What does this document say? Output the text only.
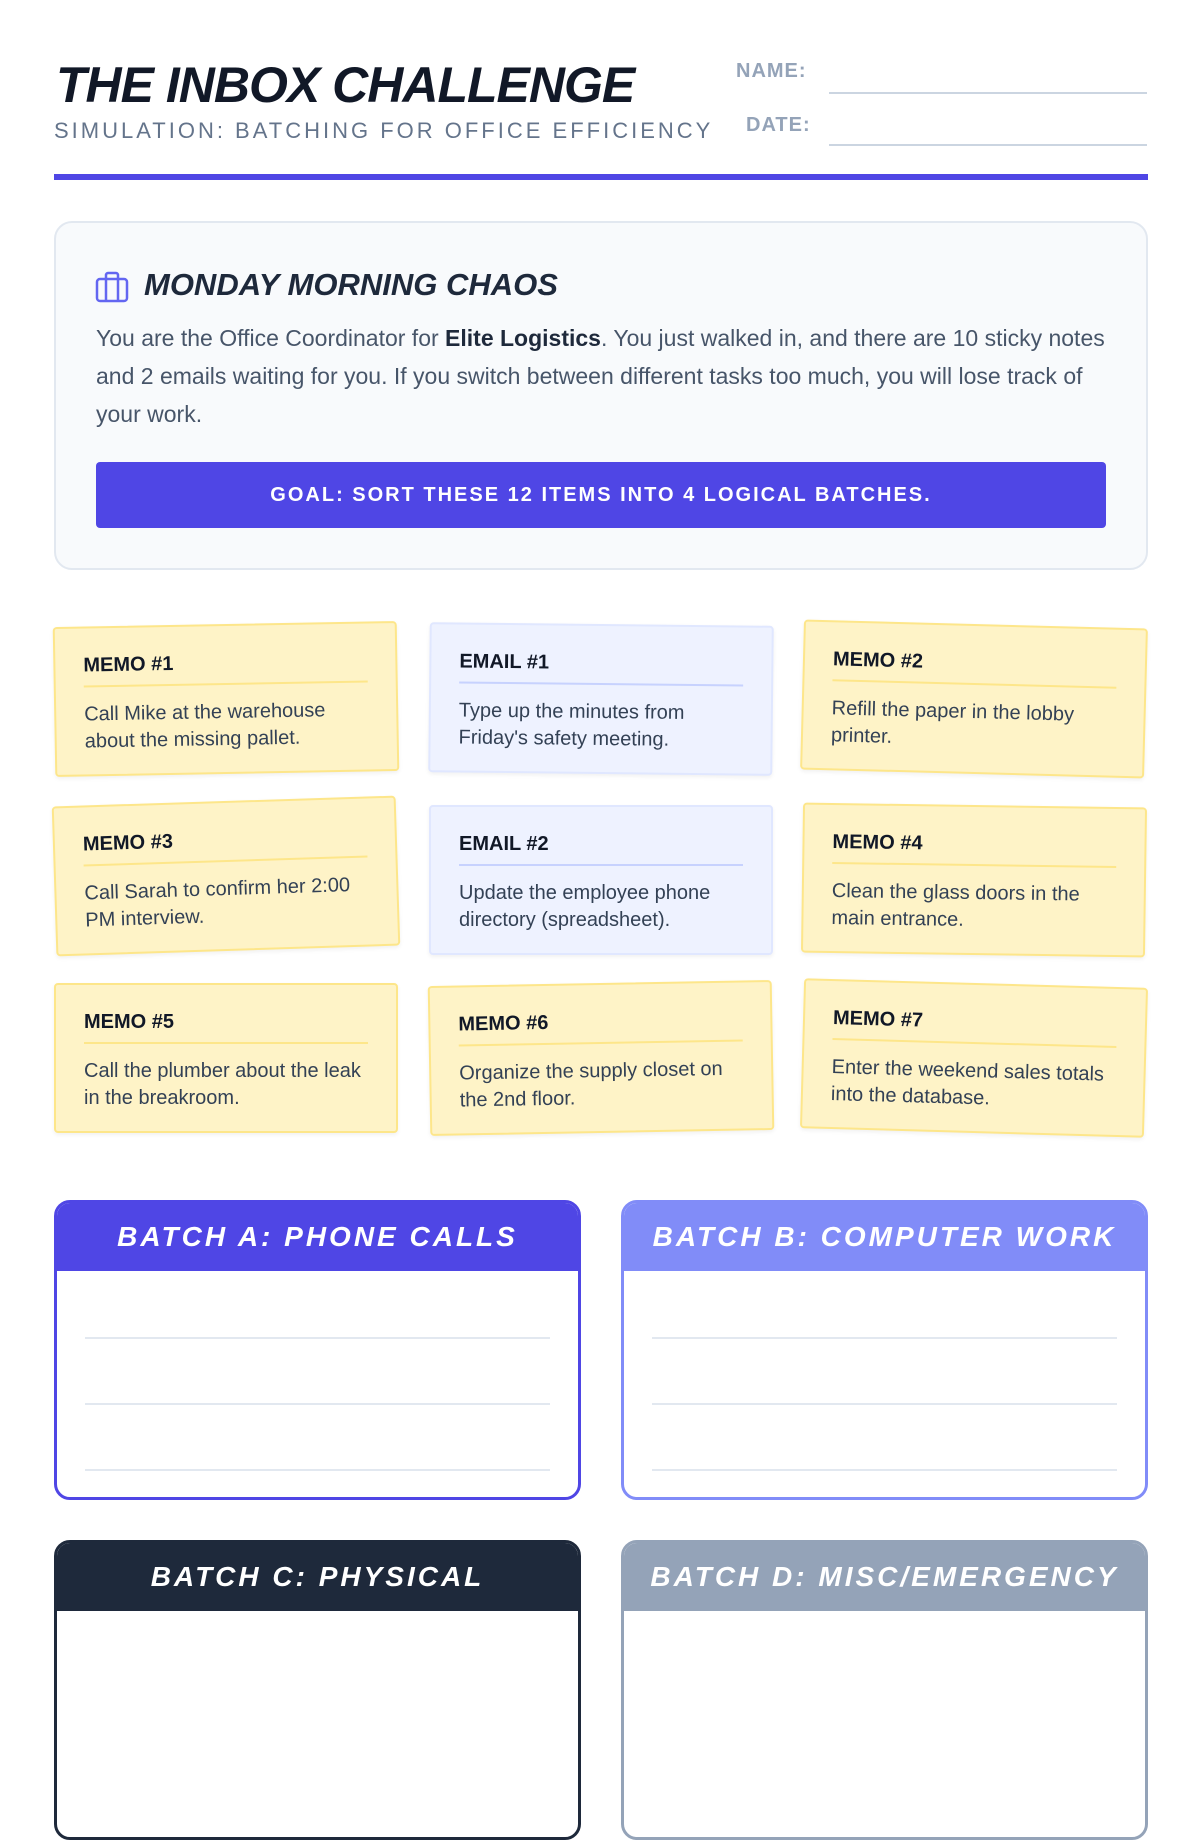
THE INBOX CHALLENGE
SIMULATION: BATCHING FOR OFFICE EFFICIENCY
NAME:
DATE:
MONDAY MORNING CHAOS

You are the Office Coordinator for Elite Logistics. You just walked in, and there are 10 sticky notes and 2 emails waiting for you. If you switch between different tasks too much, you will lose track of your work.

GOAL: SORT THESE 12 ITEMS INTO 4 LOGICAL BATCHES.
MEMO #1
Call Mike at the warehouse about the missing pallet.
EMAIL #1
Type up the minutes from Friday's safety meeting.
MEMO #2
Refill the paper in the lobby printer.
MEMO #3
Call Sarah to confirm her 2:00 PM interview.
EMAIL #2
Update the employee phone directory (spreadsheet).
MEMO #4
Clean the glass doors in the main entrance.
MEMO #5
Call the plumber about the leak in the breakroom.
MEMO #6
Organize the supply closet on the 2nd floor.
MEMO #7
Enter the weekend sales totals into the database.
BATCH A: PHONE CALLS	BATCH B: COMPUTER WORK
BATCH C: PHYSICAL	BATCH D: MISC/EMERGENCY
